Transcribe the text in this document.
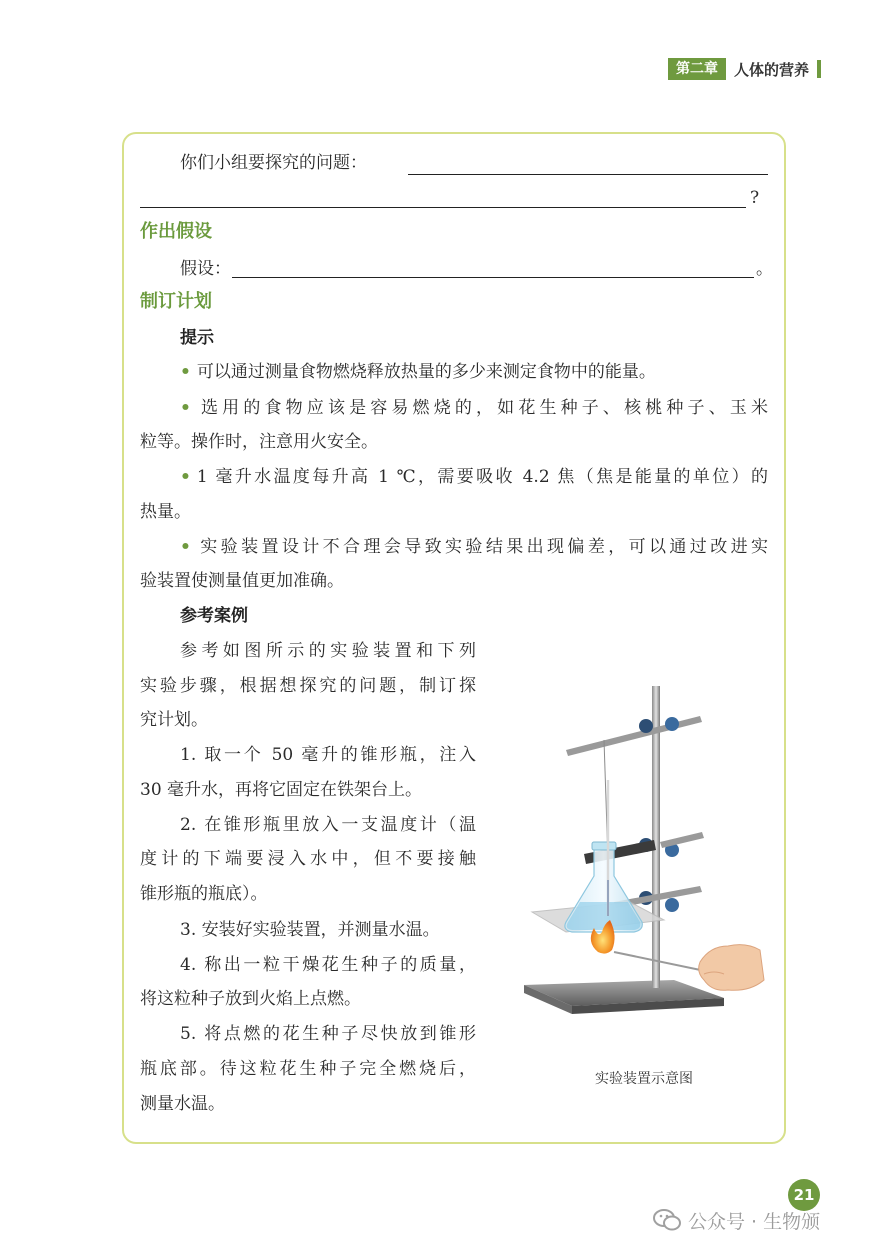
第二章	人体的营养
你们小组要探究的问题：
?
作出假设
假设：	。
制订计划
提示
• 可以通过测量食物燃烧释放热量的多少来测定食物中的能量。
• 选用的食物应该是容易燃烧的，如花生种子、核桃种子、玉米
粒等。操作时，注意用火安全。
• 1 毫升水温度每升高 1 ℃，需要吸收 4.2 焦（焦是能量的单位）的
热量。
• 实验装置设计不合理会导致实验结果出现偏差，可以通过改进实
验装置使测量值更加准确。
参考案例
参考如图所示的实验装置和下列
实验步骤，根据想探究的问题，制订探
究计划。
1. 取一个 50 毫升的锥形瓶，注入
30 毫升水，再将它固定在铁架台上。
2. 在锥形瓶里放入一支温度计（温
度计的下端要浸入水中，但不要接触
锥形瓶的瓶底）。
3. 安装好实验装置，并测量水温。
4. 称出一粒干燥花生种子的质量，
将这粒种子放到火焰上点燃。
5. 将点燃的花生种子尽快放到锥形
瓶底部。待这粒花生种子完全燃烧后，
测量水温。
实验装置示意图
21
公众号 · 生物颁
